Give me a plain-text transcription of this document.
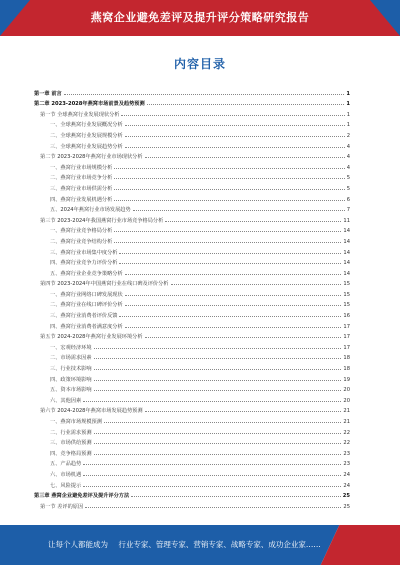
燕窝企业避免差评及提升评分策略研究报告
内容目录
第一章 前言	1
第二章 2023-2028年燕窝市场前景及趋势预测	1
第一节 全球燕窝行业发展现状分析	1
一、全球燕窝行业发展概况分析	1
二、全球燕窝行业发展规模分析	2
三、全球燕窝行业发展趋势分析	4
第二节 2023-2028年燕窝行业市场现状分析	4
一、燕窝行业市场规模分析	4
二、燕窝行业市场竞争分析	5
三、燕窝行业市场供需分析	5
四、燕窝行业发展机遇分析	6
五、2024年燕窝行业市场发展趋势	7
第三节 2023-2024年我国燕窝行业市场竞争格局分析	11
一、燕窝行业竞争格局分析	14
二、燕窝行业竞争结构分析	14
三、燕窝行业市场集中度分析	14
四、燕窝行业竞争力评价分析	14
五、燕窝行业企业竞争策略分析	14
第四节 2023-2024年中国燕窝行业在线口碑及评价分析	15
一、燕窝行业网络口碑发展现状	15
二、燕窝行业在线口碑评价分析	15
三、燕窝行业消费者评价反馈	16
四、燕窝行业消费者满意度分析	17
第五节 2024-2028年燕窝行业发展环境分析	17
一、宏观经济环境	17
二、市场需求因素	18
三、行业技术影响	18
四、政策环境影响	19
五、资本市场影响	20
六、其他因素	20
第六节 2024-2028年燕窝市场发展趋势预测	21
一、燕窝市场规模预测	21
二、行业需求预测	22
三、市场供给预测	22
四、竞争格局预测	23
五、产品趋势	23
六、市场机遇	24
七、风险提示	24
第三章 燕窝企业避免差评及提升评分方法	25
第一节 差评的原因	25
让每个人都能成为 行业专家、管理专家、营销专家、战略专家、成功企业家……
